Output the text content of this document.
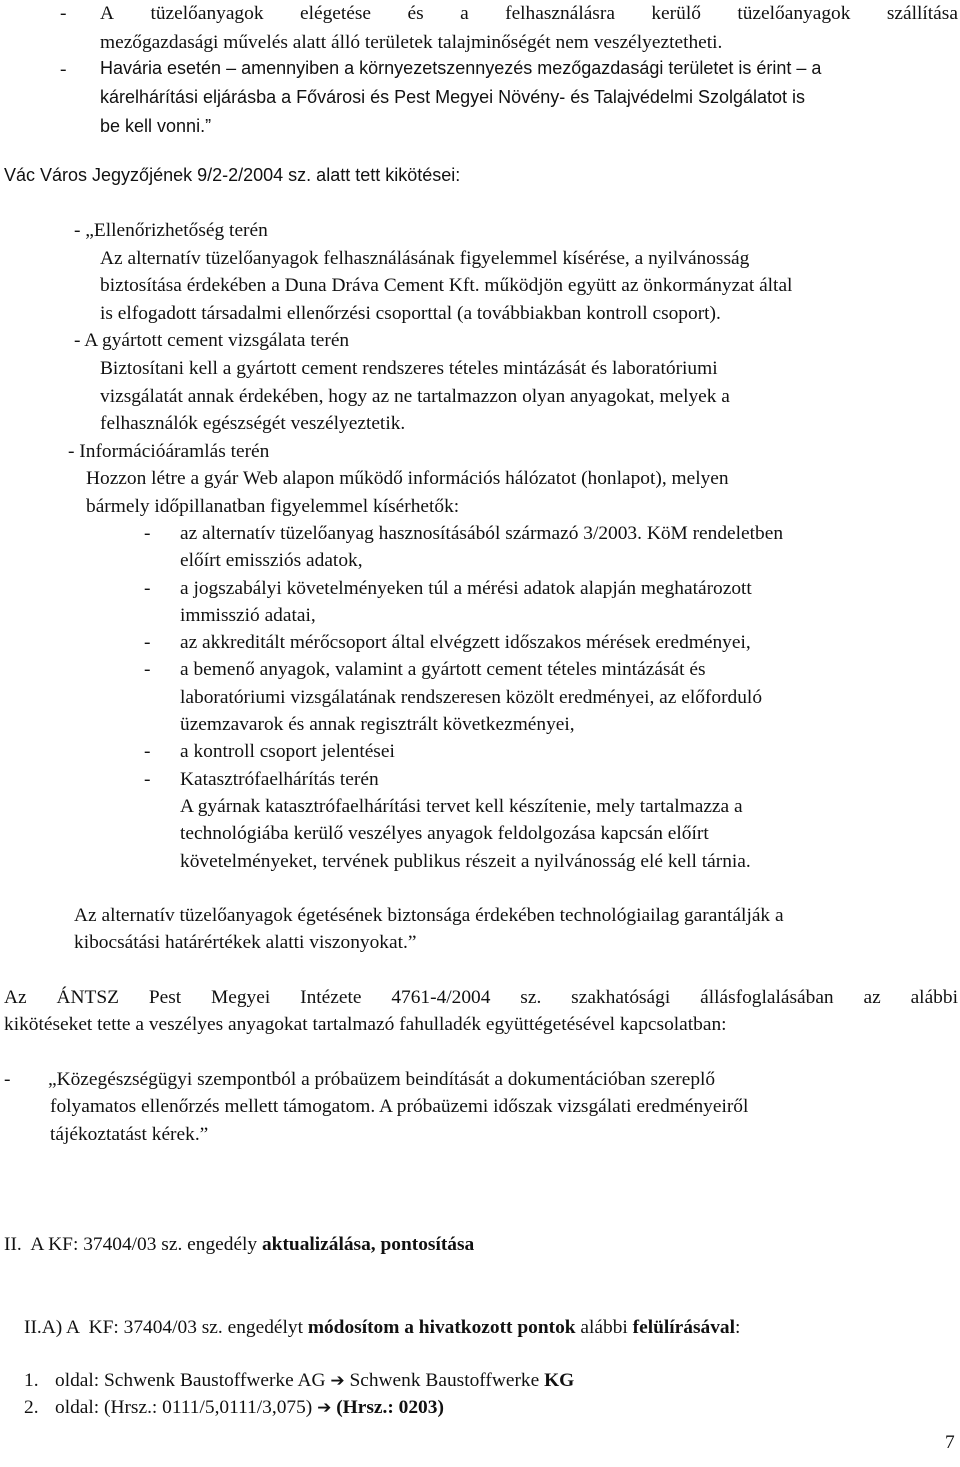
- A tüzelőanyagok elégetése és a felhasználásra kerülő tüzelőanyagok szállítása
mezőgazdasági művelés alatt álló területek talajminőségét nem veszélyeztetheti.
- Havária esetén – amennyiben a környezetszennyezés mezőgazdasági területet is érint – a
kárelhárítási eljárásba a Fővárosi és Pest Megyei Növény- és Talajvédelmi Szolgálatot is
be kell vonni.”
Vác Város Jegyzőjének 9/2-2/2004 sz. alatt tett kikötései:
- „Ellenőrizhetőség terén
Az alternatív tüzelőanyagok felhasználásának figyelemmel kísérése, a nyilvánosság
biztosítása érdekében a Duna Dráva Cement Kft. működjön együtt az önkormányzat által
is elfogadott társadalmi ellenőrzési csoporttal (a továbbiakban kontroll csoport).
- A gyártott cement vizsgálata terén
Biztosítani kell a gyártott cement rendszeres tételes mintázását és laboratóriumi
vizsgálatát annak érdekében, hogy az ne tartalmazzon olyan anyagokat, melyek a
felhasználók egészségét veszélyeztetik.
- Információáramlás terén
Hozzon létre a gyár Web alapon működő információs hálózatot (honlapot), melyen
bármely időpillanatban figyelemmel kísérhetők:
- az alternatív tüzelőanyag hasznosításából származó 3/2003. KöM rendeletben
előírt emissziós adatok,
- a jogszabályi követelményeken túl a mérési adatok alapján meghatározott
immisszió adatai,
- az akkreditált mérőcsoport által elvégzett időszakos mérések eredményei,
- a bemenő anyagok, valamint a gyártott cement tételes mintázását és
laboratóriumi vizsgálatának rendszeresen közölt eredményei, az előforduló
üzemzavarok és annak regisztrált következményei,
- a kontroll csoport jelentései
- Katasztrófaelhárítás terén
A gyárnak katasztrófaelhárítási tervet kell készítenie, mely tartalmazza a
technológiába kerülő veszélyes anyagok feldolgozása kapcsán előírt
követelményeket, tervének publikus részeit a nyilvánosság elé kell tárnia.
Az alternatív tüzelőanyagok égetésének biztonsága érdekében technológiailag garantálják a
kibocsátási határértékek alatti viszonyokat.”
Az ÁNTSZ Pest Megyei Intézete 4761-4/2004 sz. szakhatósági állásfoglalásában az alábbi
kikötéseket tette a veszélyes anyagokat tartalmazó fahulladék együttégetésével kapcsolatban:
- „Közegészségügyi szempontból a próbaüzem beindítását a dokumentációban szereplő
folyamatos ellenőrzés mellett támogatom. A próbaüzemi időszak vizsgálati eredményeiről
tájékoztatást kérek.”
II.  A KF: 37404/03 sz. engedély aktualizálása, pontosítása
II.A) A  KF: 37404/03 sz. engedélyt módosítom a hivatkozott pontok alábbi felülírásával:
1. oldal: Schwenk Baustoffwerke AG ➔ Schwenk Baustoffwerke KG
2. oldal: (Hrsz.: 0111/5,0111/3,075) ➔ (Hrsz.: 0203)
7
